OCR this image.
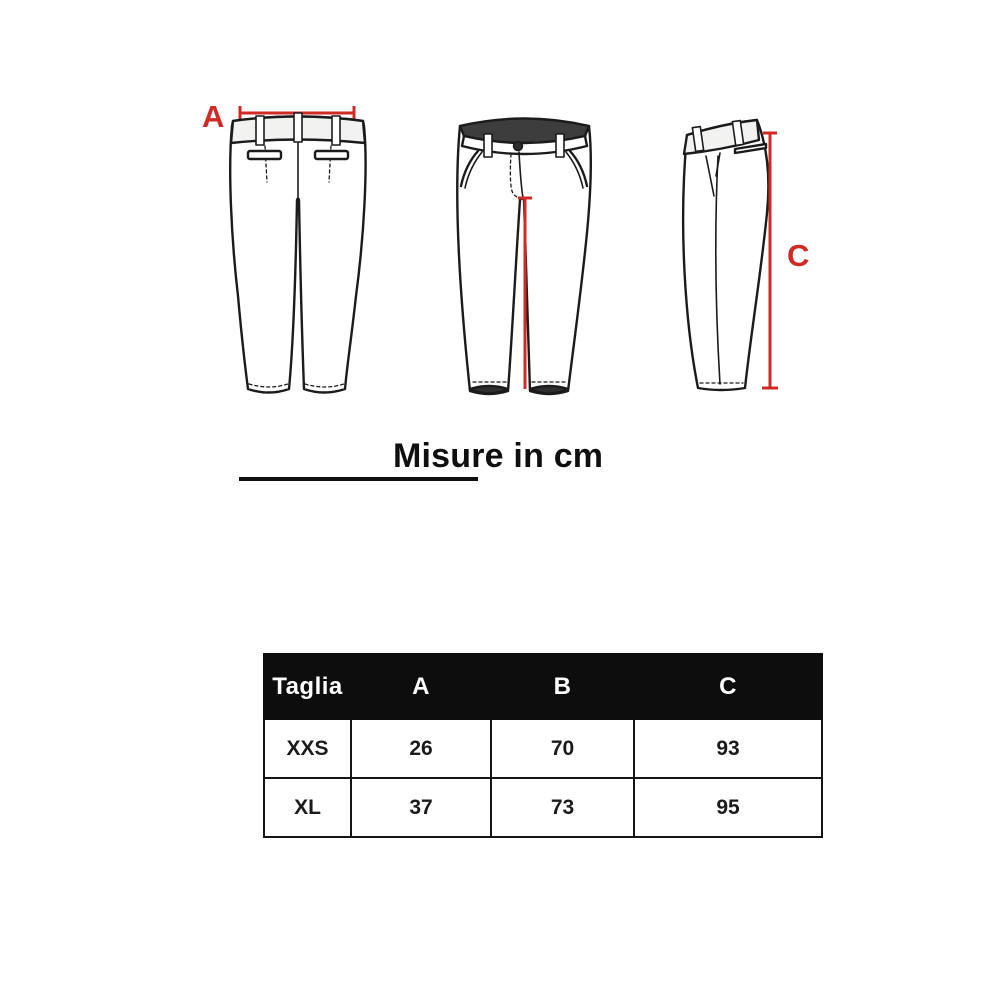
A
C
Misure in cm
Taglia	A	B	C
XXS	26	70	93
XL	37	73	95
